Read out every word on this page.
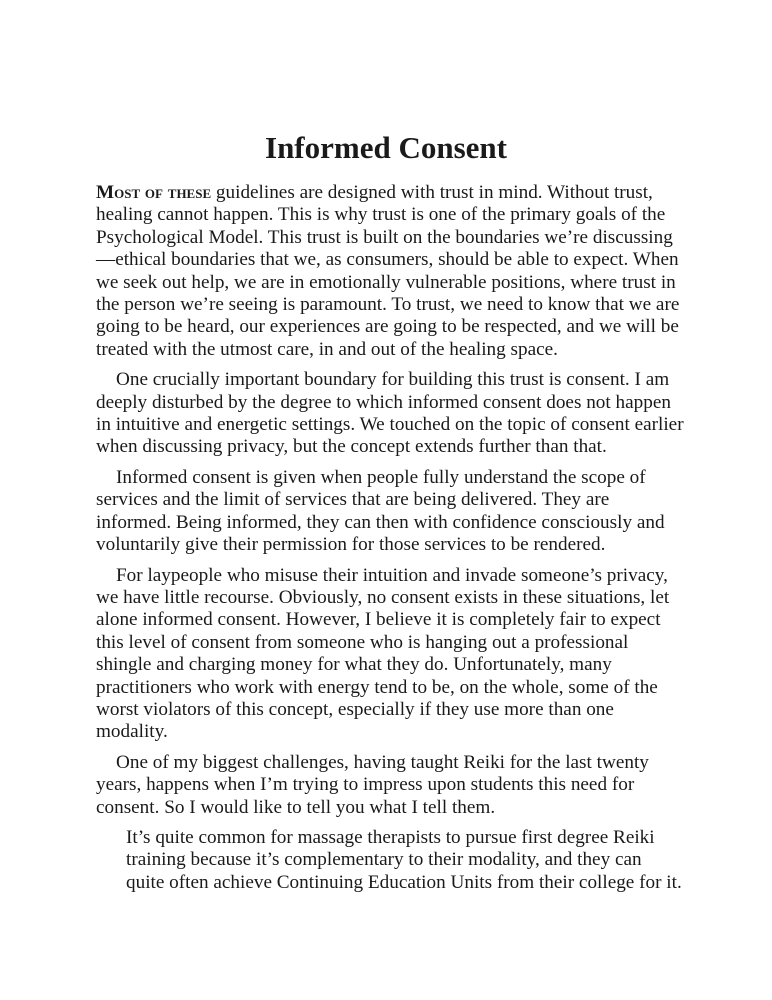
Informed Consent

Most of these guidelines are designed with trust in mind. Without trust, healing cannot happen. This is why trust is one of the primary goals of the Psychological Model. This trust is built on the boundaries we’re discussing—ethical boundaries that we, as consumers, should be able to expect. When we seek out help, we are in emotionally vulnerable positions, where trust in the person we’re seeing is paramount. To trust, we need to know that we are going to be heard, our experiences are going to be respected, and we will be treated with the utmost care, in and out of the healing space.

One crucially important boundary for building this trust is consent. I am deeply disturbed by the degree to which informed consent does not happen in intuitive and energetic settings. We touched on the topic of consent earlier when discussing privacy, but the concept extends further than that.

Informed consent is given when people fully understand the scope of services and the limit of services that are being delivered. They are informed. Being informed, they can then with confidence consciously and voluntarily give their permission for those services to be rendered.

For laypeople who misuse their intuition and invade someone’s privacy, we have little recourse. Obviously, no consent exists in these situations, let alone informed consent. However, I believe it is completely fair to expect this level of consent from someone who is hanging out a professional shingle and charging money for what they do. Unfortunately, many practitioners who work with energy tend to be, on the whole, some of the worst violators of this concept, especially if they use more than one modality.

One of my biggest challenges, having taught Reiki for the last twenty years, happens when I’m trying to impress upon students this need for consent. So I would like to tell you what I tell them.

It’s quite common for massage therapists to pursue first degree Reiki training because it’s complementary to their modality, and they can quite often achieve Continuing Education Units from their college for it.
